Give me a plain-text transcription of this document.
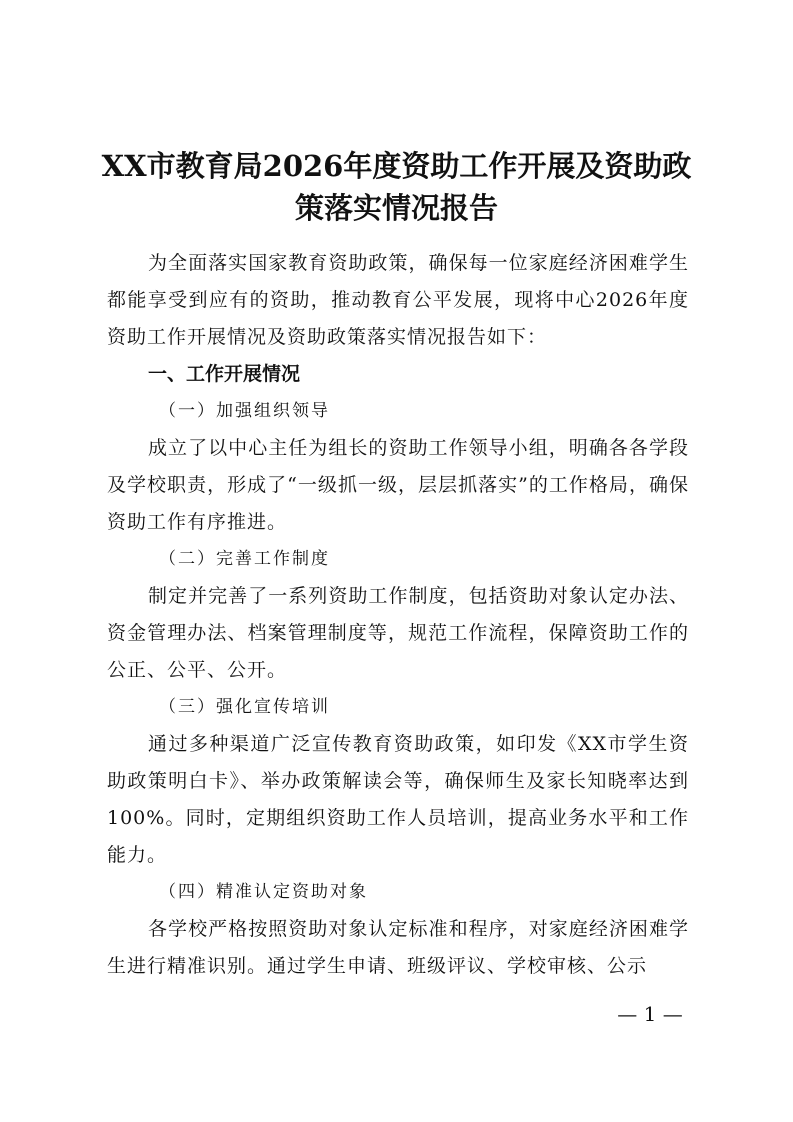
XX市教育局2026年度资助工作开展及资助政
策落实情况报告

为全面落实国家教育资助政策，确保每一位家庭经济困难学生都能享受到应有的资助，推动教育公平发展，现将中心2026年度资助工作开展情况及资助政策落实情况报告如下：

一、工作开展情况

（一）加强组织领导

成立了以中心主任为组长的资助工作领导小组，明确各各学段及学校职责，形成了“一级抓一级，层层抓落实”的工作格局，确保资助工作有序推进。

（二）完善工作制度

制定并完善了一系列资助工作制度，包括资助对象认定办法、资金管理办法、档案管理制度等，规范工作流程，保障资助工作的公正、公平、公开。

（三）强化宣传培训

通过多种渠道广泛宣传教育资助政策，如印发《XX市学生资助政策明白卡》、举办政策解读会等，确保师生及家长知晓率达到100%。同时，定期组织资助工作人员培训，提高业务水平和工作能力。

（四）精准认定资助对象

各学校严格按照资助对象认定标准和程序，对家庭经济困难学生进行精准识别。通过学生申请、班级评议、学校审核、公示

— 1 —
